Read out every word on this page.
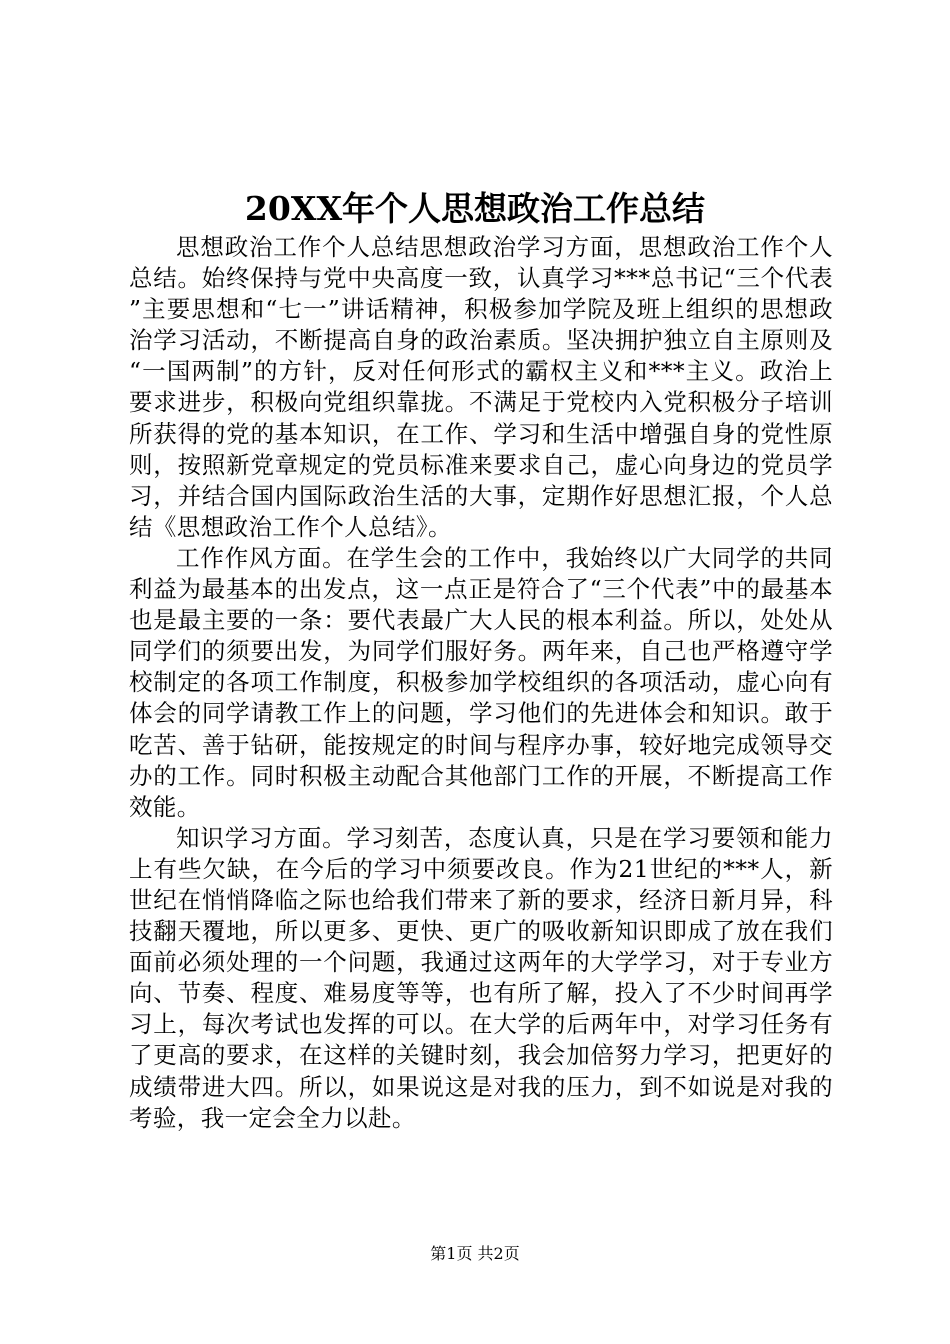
20XX年个人思想政治工作总结

思想政治工作个人总结思想政治学习方面，思想政治工作个人总结。始终保持与党中央高度一致，认真学习***总书记“三个代表”主要思想和“七一”讲话精神，积极参加学院及班上组织的思想政治学习活动，不断提高自身的政治素质。坚决拥护独立自主原则及“一国两制”的方针，反对任何形式的霸权主义和***主义。政治上要求进步，积极向党组织靠拢。不满足于党校内入党积极分子培训所获得的党的基本知识，在工作、学习和生活中增强自身的党性原则，按照新党章规定的党员标准来要求自己，虚心向身边的党员学习，并结合国内国际政治生活的大事，定期作好思想汇报，个人总结《思想政治工作个人总结》。

工作作风方面。在学生会的工作中，我始终以广大同学的共同利益为最基本的出发点，这一点正是符合了“三个代表”中的最基本也是最主要的一条：要代表最广大人民的根本利益。所以，处处从同学们的须要出发，为同学们服好务。两年来，自己也严格遵守学校制定的各项工作制度，积极参加学校组织的各项活动，虚心向有体会的同学请教工作上的问题，学习他们的先进体会和知识。敢于吃苦、善于钻研，能按规定的时间与程序办事，较好地完成领导交办的工作。同时积极主动配合其他部门工作的开展，不断提高工作效能。

知识学习方面。学习刻苦，态度认真，只是在学习要领和能力上有些欠缺，在今后的学习中须要改良。作为21世纪的***人，新世纪在悄悄降临之际也给我们带来了新的要求，经济日新月异，科技翻天覆地，所以更多、更快、更广的吸收新知识即成了放在我们面前必须处理的一个问题，我通过这两年的大学学习，对于专业方向、节奏、程度、难易度等等，也有所了解，投入了不少时间再学习上，每次考试也发挥的可以。在大学的后两年中，对学习任务有了更高的要求，在这样的关键时刻，我会加倍努力学习，把更好的成绩带进大四。所以，如果说这是对我的压力，到不如说是对我的考验，我一定会全力以赴。

第1页 共2页
